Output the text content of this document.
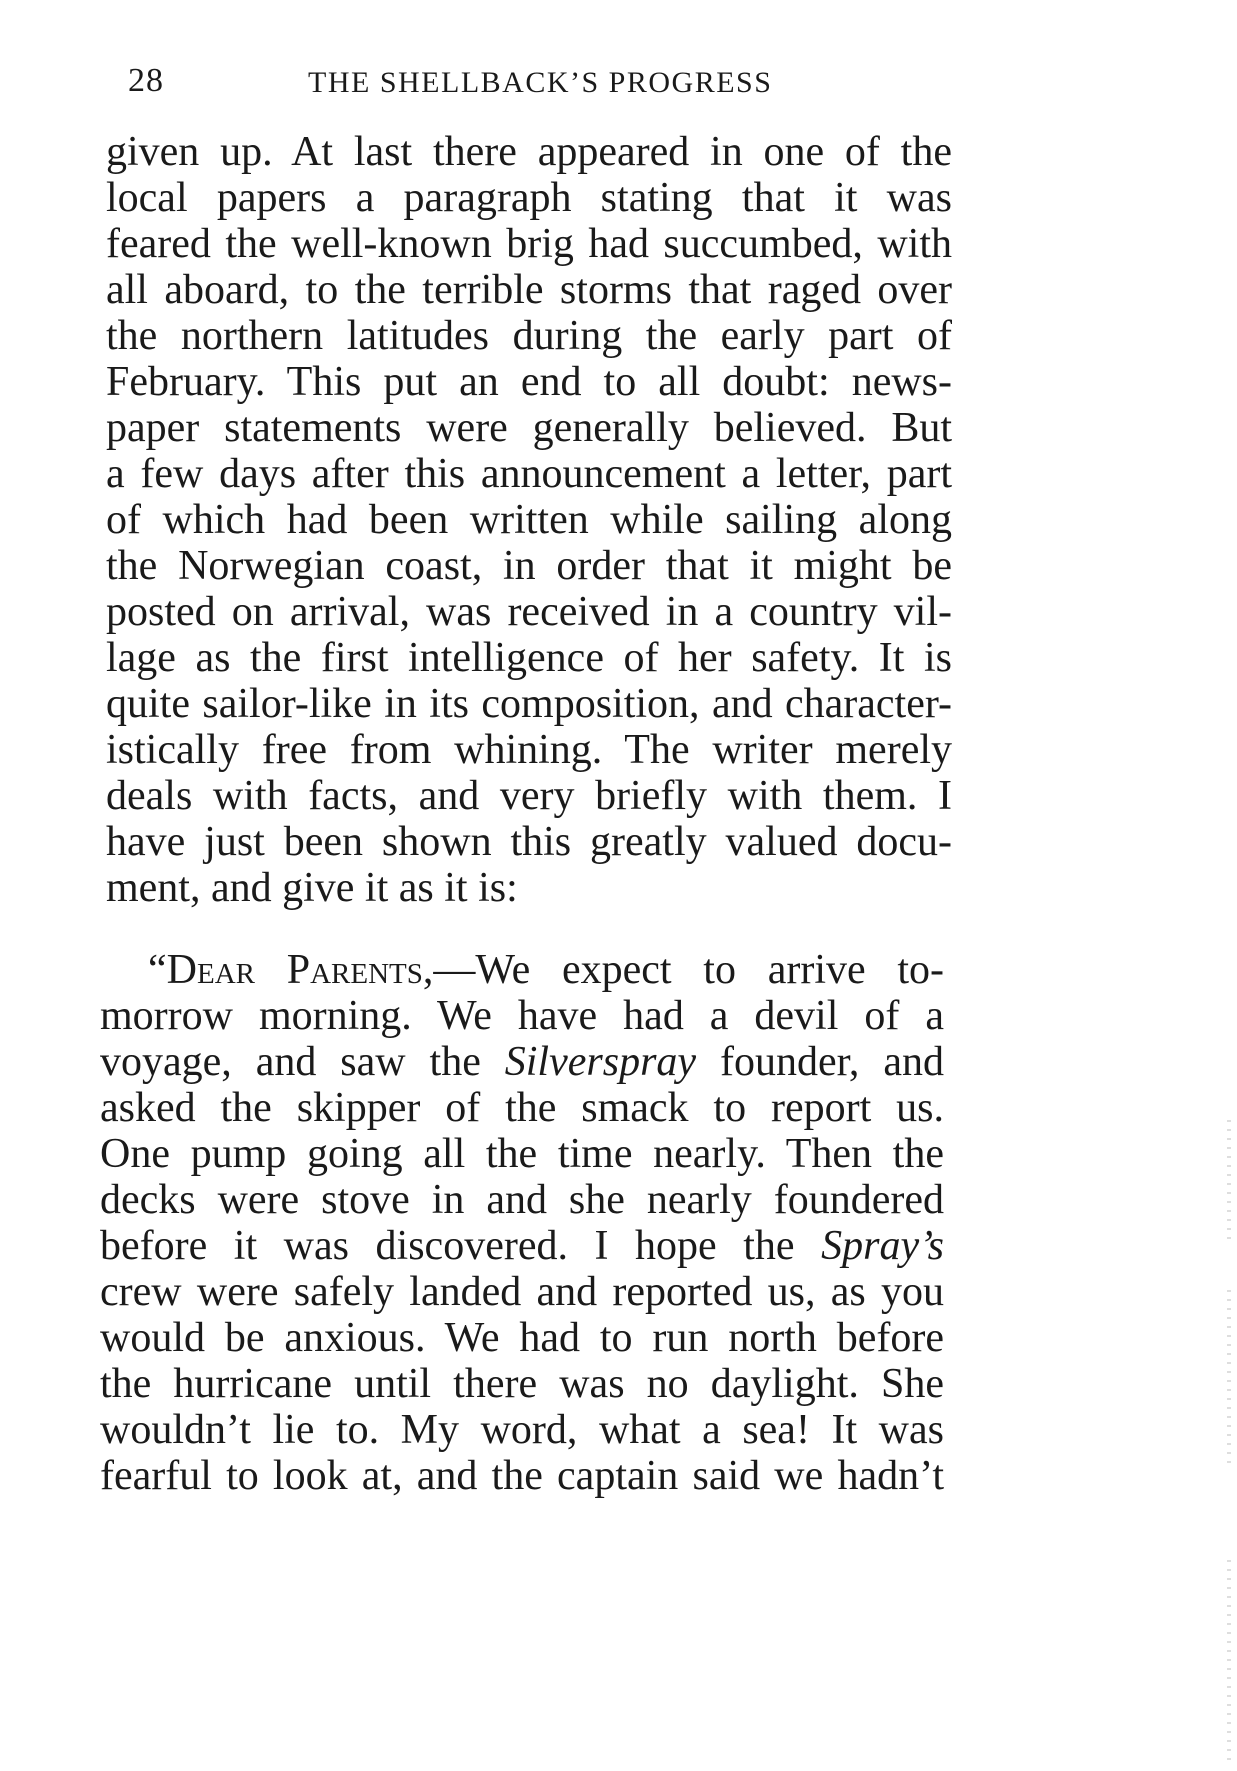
28	THE SHELLBACK’S PROGRESS
given up. At last there appeared in one of the
local papers a paragraph stating that it was
feared the well-known brig had succumbed, with
all aboard, to the terrible storms that raged over
the northern latitudes during the early part of
February. This put an end to all doubt: news-
paper statements were generally believed. But
a few days after this announcement a letter, part
of which had been written while sailing along
the Norwegian coast, in order that it might be
posted on arrival, was received in a country vil-
lage as the first intelligence of her safety. It is
quite sailor-like in its composition, and character-
istically free from whining. The writer merely
deals with facts, and very briefly with them. I
have just been shown this greatly valued docu-
ment, and give it as it is:
“Dear Parents,—We expect to arrive to-
morrow morning. We have had a devil of a
voyage, and saw the Silverspray founder, and
asked the skipper of the smack to report us.
One pump going all the time nearly. Then the
decks were stove in and she nearly foundered
before it was discovered. I hope the Spray’s
crew were safely landed and reported us, as you
would be anxious. We had to run north before
the hurricane until there was no daylight. She
wouldn’t lie to. My word, what a sea! It was
fearful to look at, and the captain said we hadn’t
